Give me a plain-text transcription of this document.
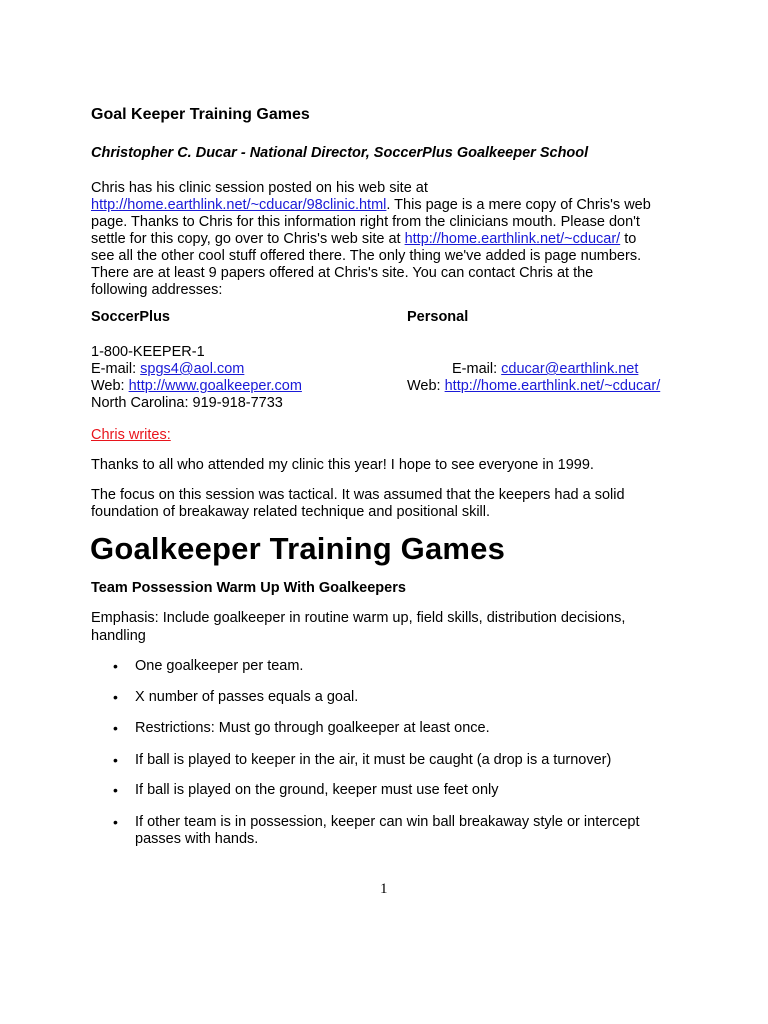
Goal Keeper Training Games
Christopher C. Ducar - National Director, SoccerPlus Goalkeeper School
Chris has his clinic session posted on his web site at
http://home.earthlink.net/~cducar/98clinic.html. This page is a mere copy of Chris's web
page. Thanks to Chris for this information right from the clinicians mouth. Please don't
settle for this copy, go over to Chris's web site at http://home.earthlink.net/~cducar/ to
see all the other cool stuff offered there. The only thing we've added is page numbers.
There are at least 9 papers offered at Chris's site. You can contact Chris at the
following addresses:
SoccerPlus	Personal
1-800-KEEPER-1
E-mail: spgs4@aol.com	E-mail: cducar@earthlink.net
Web: http://www.goalkeeper.com	Web: http://home.earthlink.net/~cducar/
North Carolina: 919-918-7733
Chris writes:
Thanks to all who attended my clinic this year! I hope to see everyone in 1999.
The focus on this session was tactical. It was assumed that the keepers had a solid
foundation of breakaway related technique and positional skill.
Goalkeeper Training Games
Team Possession Warm Up With Goalkeepers
Emphasis: Include goalkeeper in routine warm up, field skills, distribution decisions,
handling
• One goalkeeper per team.
• X number of passes equals a goal.
• Restrictions: Must go through goalkeeper at least once.
• If ball is played to keeper in the air, it must be caught (a drop is a turnover)
• If ball is played on the ground, keeper must use feet only
• If other team is in possession, keeper can win ball breakaway style or intercept
passes with hands.
1
